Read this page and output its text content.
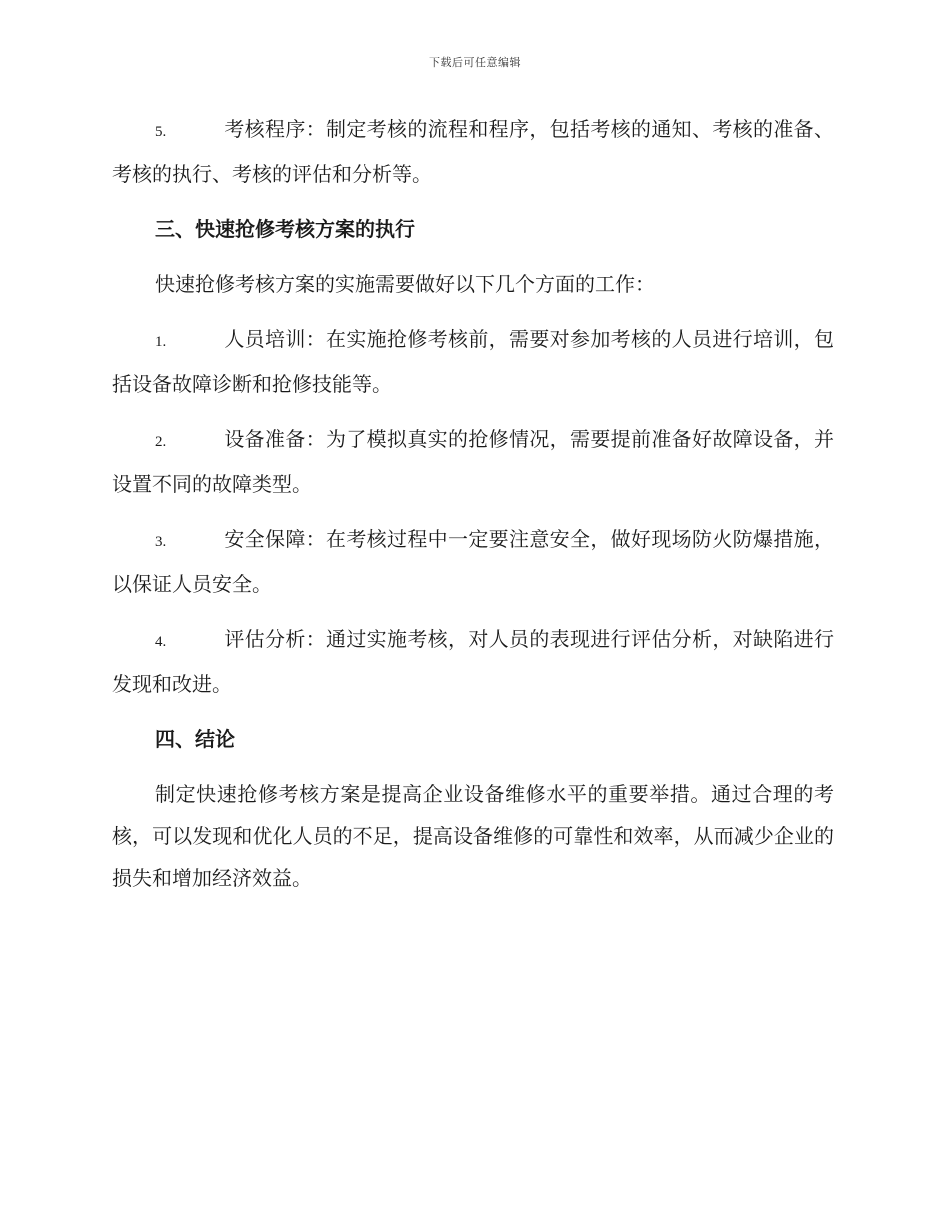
下载后可任意编辑

5.	考核程序：制定考核的流程和程序，包括考核的通知、考核的准备、考核的执行、考核的评估和分析等。

三、快速抢修考核方案的执行

快速抢修考核方案的实施需要做好以下几个方面的工作：

1.	人员培训：在实施抢修考核前，需要对参加考核的人员进行培训，包括设备故障诊断和抢修技能等。

2.	设备准备：为了模拟真实的抢修情况，需要提前准备好故障设备，并设置不同的故障类型。

3.	安全保障：在考核过程中一定要注意安全，做好现场防火防爆措施，以保证人员安全。

4.	评估分析：通过实施考核，对人员的表现进行评估分析，对缺陷进行发现和改进。

四、结论

制定快速抢修考核方案是提高企业设备维修水平的重要举措。通过合理的考核，可以发现和优化人员的不足，提高设备维修的可靠性和效率，从而减少企业的损失和增加经济效益。
